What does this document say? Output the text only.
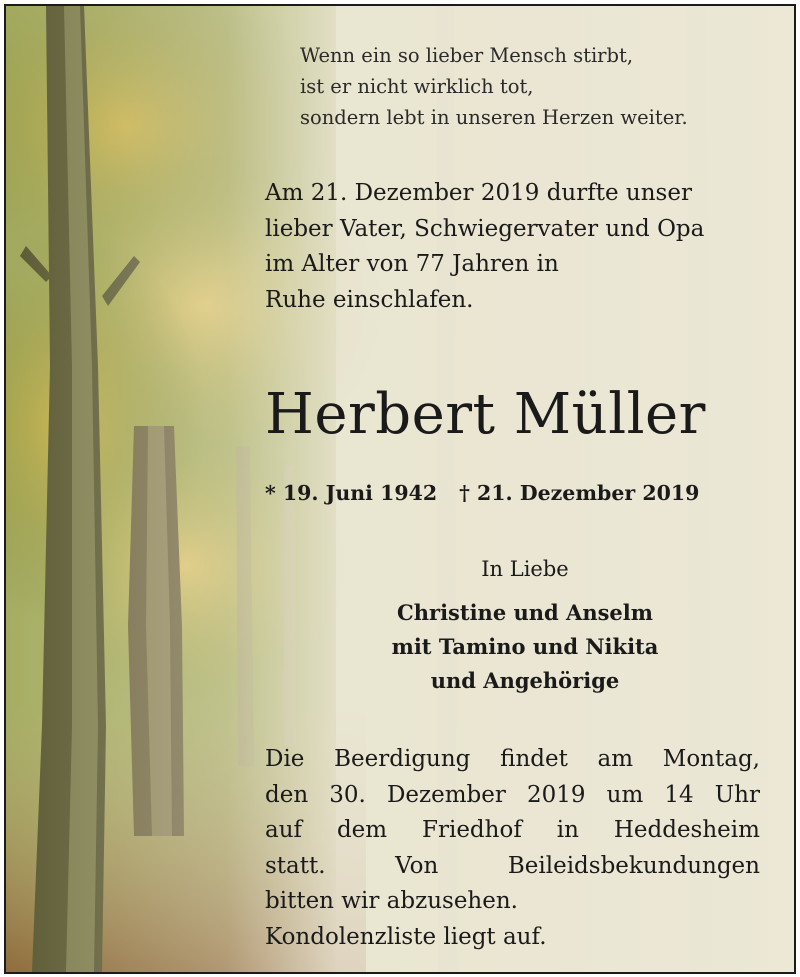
Wenn ein so lieber Mensch stirbt,
ist er nicht wirklich tot,
sondern lebt in unseren Herzen weiter.
Am 21. Dezember 2019 durfte unser
lieber Vater, Schwiegervater und Opa
im Alter von 77 Jahren in
Ruhe einschlafen.
Herbert Müller
* 19. Juni 1942 † 21. Dezember 2019
In Liebe
Christine und Anselm
mit Tamino und Nikita
und Angehörige
Die Beerdigung findet am Montag,
den 30. Dezember 2019 um 14 Uhr
auf dem Friedhof in Heddesheim
statt.	Von	Beileidsbekundungen
bitten wir abzusehen.
Kondolenzliste liegt auf.
